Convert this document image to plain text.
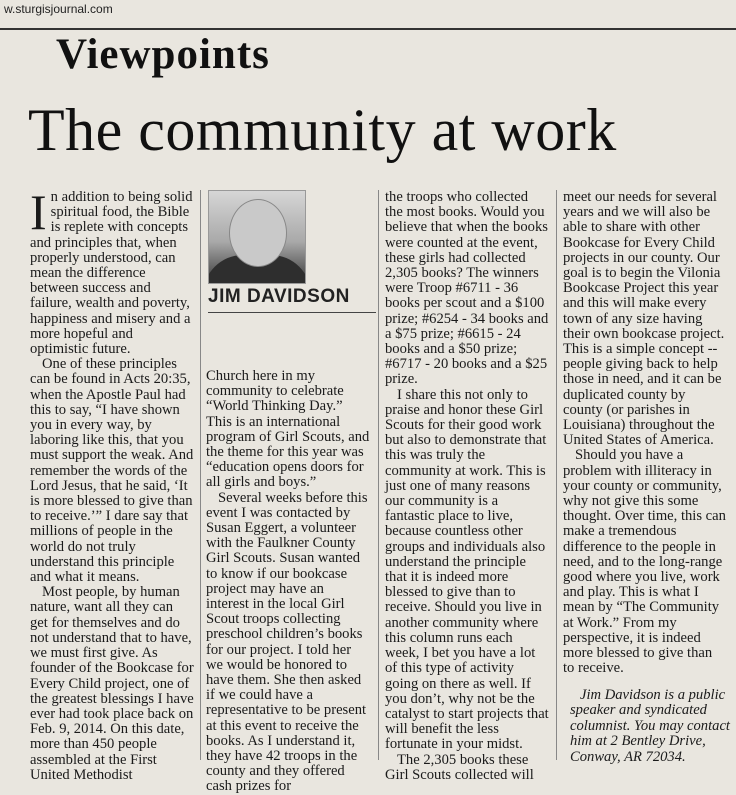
w.sturgisjournal.com
Viewpoints
The community at work

In addition to being solid spiritual food, the Bible is replete with concepts and principles that, when properly understood, can mean the difference between success and failure, wealth and poverty, happiness and misery and a more hopeful and optimistic future.

One of these principles can be found in Acts 20:35, when the Apostle Paul had this to say, “I have shown you in every way, by laboring like this, that you must support the weak. And remember the words of the Lord Jesus, that he said, ‘It is more blessed to give than to receive.’” I dare say that millions of people in the world do not truly understand this principle and what it means.

Most people, by human nature, want all they can get for themselves and do not understand that to have, we must first give. As founder of the Bookcase for Every Child project, one of the greatest blessings I have ever had took place back on Feb. 9, 2014. On this date, more than 450 people assembled at the First United Methodist

JIM DAVIDSON

Church here in my community to celebrate “World Thinking Day.” This is an international program of Girl Scouts, and the theme for this year was “education opens doors for all girls and boys.”

Several weeks before this event I was contacted by Susan Eggert, a volunteer with the Faulkner County Girl Scouts. Susan wanted to know if our bookcase project may have an interest in the local Girl Scout troops collecting preschool children’s books for our project. I told her we would be honored to have them. She then asked if we could have a representative to be present at this event to receive the books. As I understand it, they have 42 troops in the county and they offered cash prizes for

the troops who collected the most books. Would you believe that when the books were counted at the event, these girls had collected 2,305 books? The winners were Troop #6711 - 36 books per scout and a $100 prize; #6254 - 34 books and a $75 prize; #6615 - 24 books and a $50 prize; #6717 - 20 books and a $25 prize.

I share this not only to praise and honor these Girl Scouts for their good work but also to demonstrate that this was truly the community at work. This is just one of many reasons our community is a fantastic place to live, because countless other groups and individuals also understand the principle that it is indeed more blessed to give than to receive. Should you live in another community where this column runs each week, I bet you have a lot of this type of activity going on there as well. If you don’t, why not be the catalyst to start projects that will benefit the less fortunate in your midst.

The 2,305 books these Girl Scouts collected will

meet our needs for several years and we will also be able to share with other Bookcase for Every Child projects in our county. Our goal is to begin the Vilonia Bookcase Project this year and this will make every town of any size having their own bookcase project. This is a simple concept -- people giving back to help those in need, and it can be duplicated county by county (or parishes in Louisiana) throughout the United States of America.

Should you have a problem with illiteracy in your county or community, why not give this some thought. Over time, this can make a tremendous difference to the people in need, and to the long-range good where you live, work and play. This is what I mean by “The Community at Work.” From my perspective, it is indeed more blessed to give than to receive.

Jim Davidson is a public speaker and syndicated columnist. You may contact him at 2 Bentley Drive, Conway, AR 72034.
